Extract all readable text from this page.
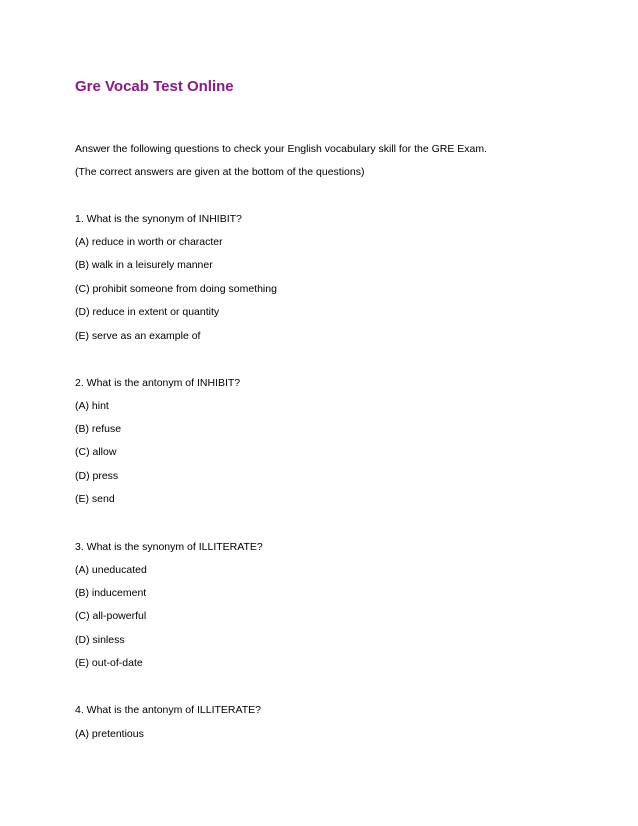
Gre Vocab Test Online
Answer the following questions to check your English vocabulary skill for the GRE Exam.
(The correct answers are given at the bottom of the questions)
1. What is the synonym of INHIBIT?
(A) reduce in worth or character
(B) walk in a leisurely manner
(C) prohibit someone from doing something
(D) reduce in extent or quantity
(E) serve as an example of
2. What is the antonym of INHIBIT?
(A) hint
(B) refuse
(C) allow
(D) press
(E) send
3. What is the synonym of ILLITERATE?
(A) uneducated
(B) inducement
(C) all-powerful
(D) sinless
(E) out-of-date
4. What is the antonym of ILLITERATE?
(A) pretentious
